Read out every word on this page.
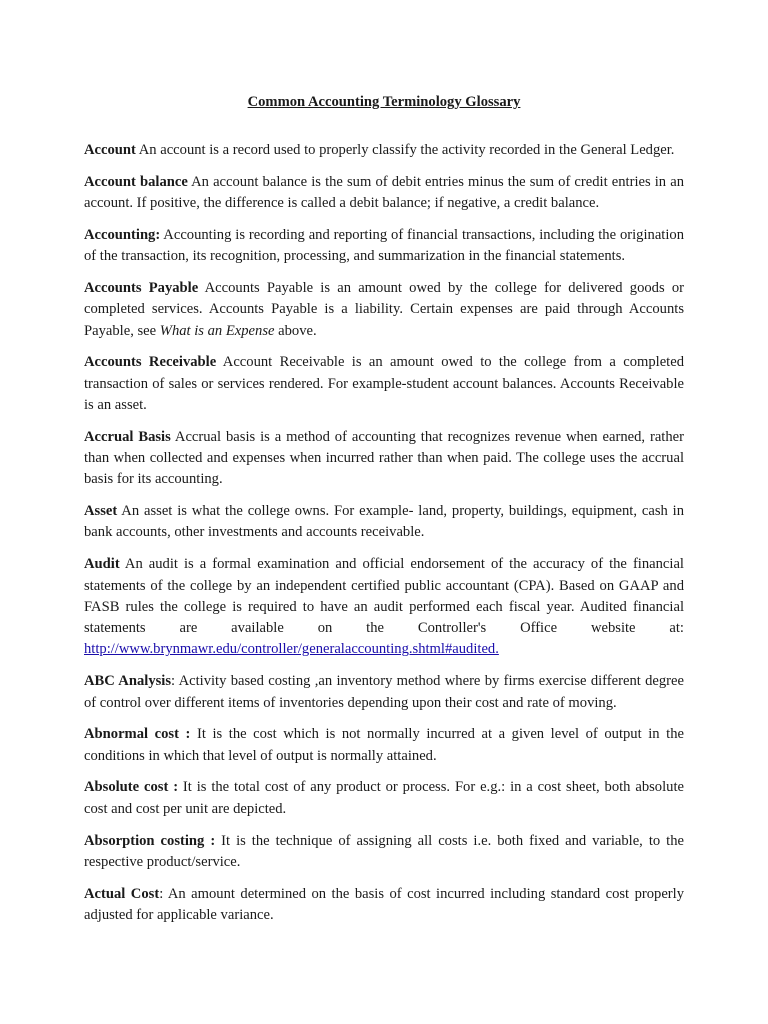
Common Accounting Terminology Glossary

Account An account is a record used to properly classify the activity recorded in the General Ledger.

Account balance An account balance is the sum of debit entries minus the sum of credit entries in an account. If positive, the difference is called a debit balance; if negative, a credit balance.

Accounting: Accounting is recording and reporting of financial transactions, including the origination of the transaction, its recognition, processing, and summarization in the financial statements.

Accounts Payable Accounts Payable is an amount owed by the college for delivered goods or completed services. Accounts Payable is a liability. Certain expenses are paid through Accounts Payable, see What is an Expense above.

Accounts Receivable Account Receivable is an amount owed to the college from a completed transaction of sales or services rendered. For example-student account balances. Accounts Receivable is an asset.

Accrual Basis Accrual basis is a method of accounting that recognizes revenue when earned, rather than when collected and expenses when incurred rather than when paid. The college uses the accrual basis for its accounting.

Asset An asset is what the college owns. For example- land, property, buildings, equipment, cash in bank accounts, other investments and accounts receivable.

Audit An audit is a formal examination and official endorsement of the accuracy of the financial statements of the college by an independent certified public accountant (CPA). Based on GAAP and FASB rules the college is required to have an audit performed each fiscal year. Audited financial statements are available on the Controller's Office website at: http://www.brynmawr.edu/controller/generalaccounting.shtml#audited.

ABC Analysis: Activity based costing ,an inventory method where by firms exercise different degree of control over different items of inventories depending upon their cost and rate of moving.

Abnormal cost : It is the cost which is not normally incurred at a given level of output in the conditions in which that level of output is normally attained.

Absolute cost : It is the total cost of any product or process. For e.g.: in a cost sheet, both absolute cost and cost per unit are depicted.

Absorption costing : It is the technique of assigning all costs i.e. both fixed and variable, to the respective product/service.

Actual Cost: An amount determined on the basis of cost incurred including standard cost properly adjusted for applicable variance.
